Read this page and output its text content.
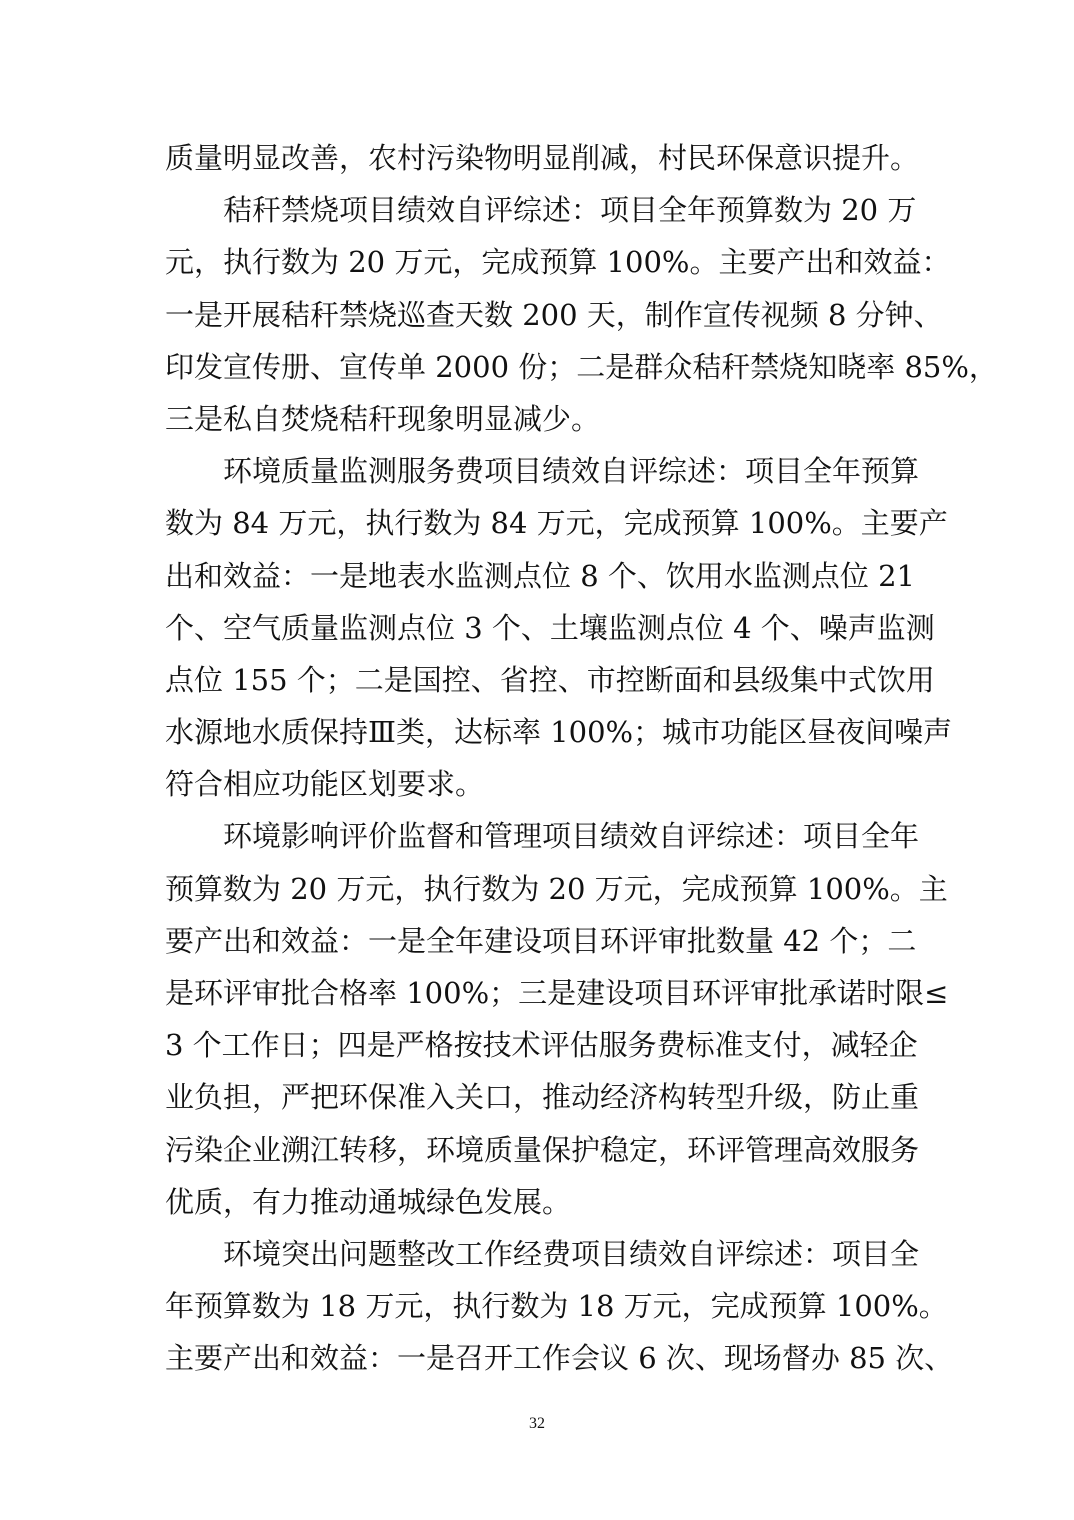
质量明显改善，农村污染物明显削减，村民环保意识提升。
秸秆禁烧项目绩效自评综述：项目全年预算数为 20 万
元，执行数为 20 万元，完成预算 100%。主要产出和效益：
一是开展秸秆禁烧巡查天数 200 天，制作宣传视频 8 分钟、
印发宣传册、宣传单 2000 份；二是群众秸秆禁烧知晓率 85%，
三是私自焚烧秸秆现象明显减少。
环境质量监测服务费项目绩效自评综述：项目全年预算
数为 84 万元，执行数为 84 万元，完成预算 100%。主要产
出和效益：一是地表水监测点位 8 个、饮用水监测点位 21
个、空气质量监测点位 3 个、土壤监测点位 4 个、噪声监测
点位 155 个；二是国控、省控、市控断面和县级集中式饮用
水源地水质保持Ⅲ类，达标率 100%；城市功能区昼夜间噪声
符合相应功能区划要求。
环境影响评价监督和管理项目绩效自评综述：项目全年
预算数为 20 万元，执行数为 20 万元，完成预算 100%。主
要产出和效益：一是全年建设项目环评审批数量 42 个；二
是环评审批合格率 100%；三是建设项目环评审批承诺时限≤
3 个工作日；四是严格按技术评估服务费标准支付，减轻企
业负担，严把环保准入关口，推动经济构转型升级，防止重
污染企业溯江转移，环境质量保护稳定，环评管理高效服务
优质，有力推动通城绿色发展。
环境突出问题整改工作经费项目绩效自评综述：项目全
年预算数为 18 万元，执行数为 18 万元，完成预算 100%。
主要产出和效益：一是召开工作会议 6 次、现场督办 85 次、
32
